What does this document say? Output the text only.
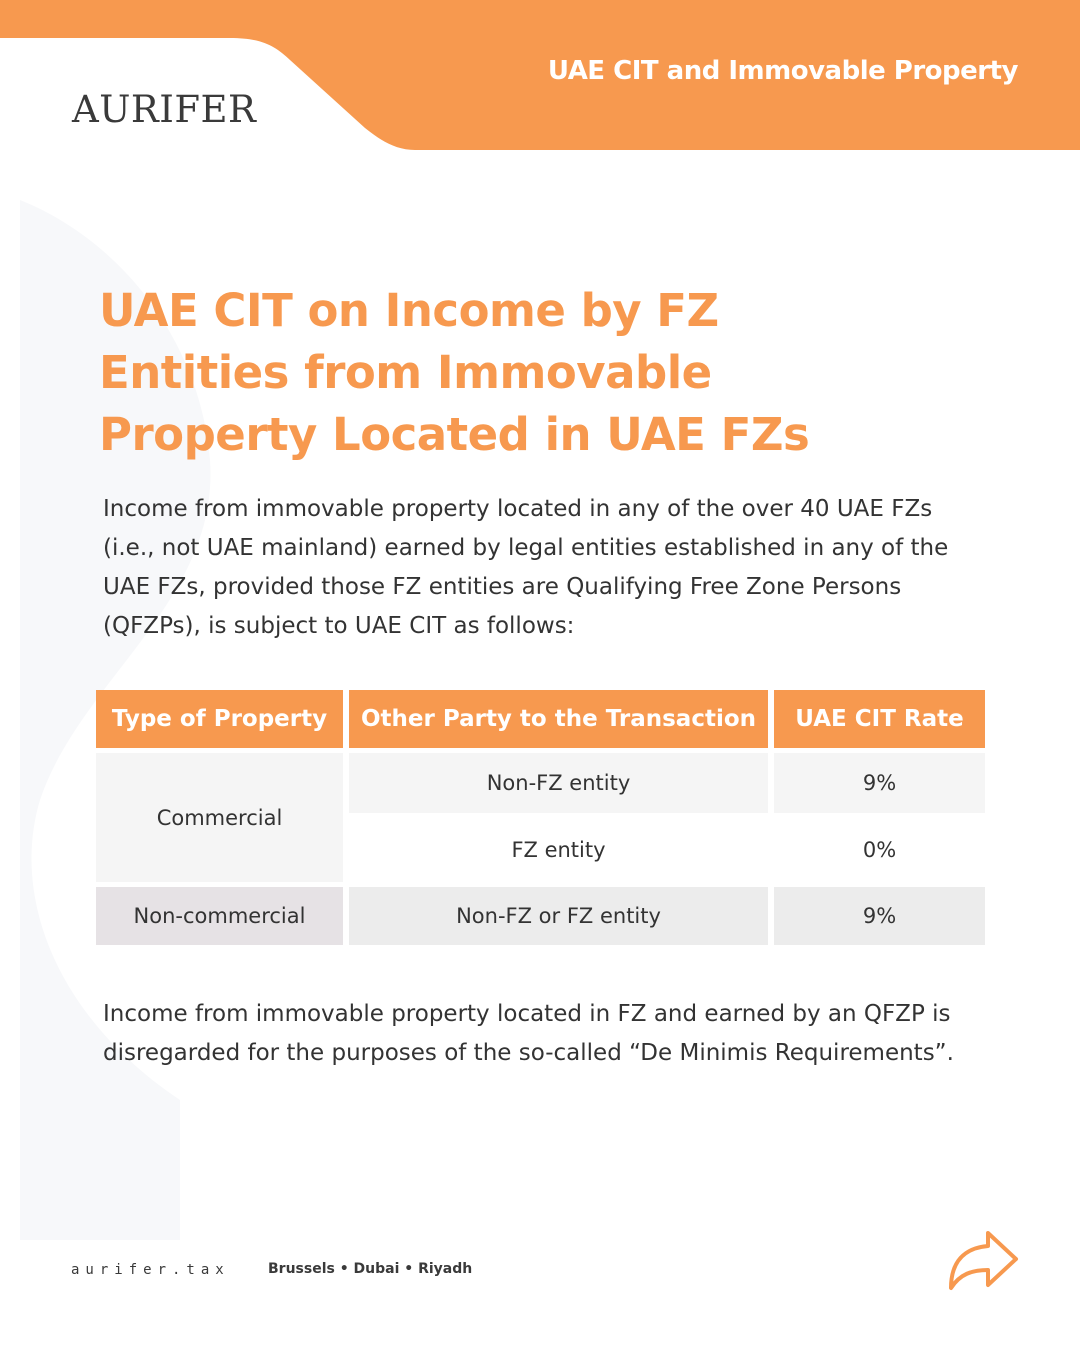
UAE CIT and Immovable Property
AURIFER
UAE CIT on Income by FZ Entities from Immovable Property Located in UAE FZs

Income from immovable property located in any of the over 40 UAE FZs (i.e., not UAE mainland) earned by legal entities established in any of the UAE FZs, provided those FZ entities are Qualifying Free Zone Persons (QFZPs), is subject to UAE CIT as follows:

Type of Property	Other Party to the Transaction	UAE CIT Rate
Commercial	Non-FZ entity	9%
	FZ entity	0%
Non-commercial	Non-FZ or FZ entity	9%

Income from immovable property located in FZ and earned by an QFZP is disregarded for the purposes of the so-called “De Minimis Requirements”.

aurifer.tax	Brussels • Dubai • Riyadh
